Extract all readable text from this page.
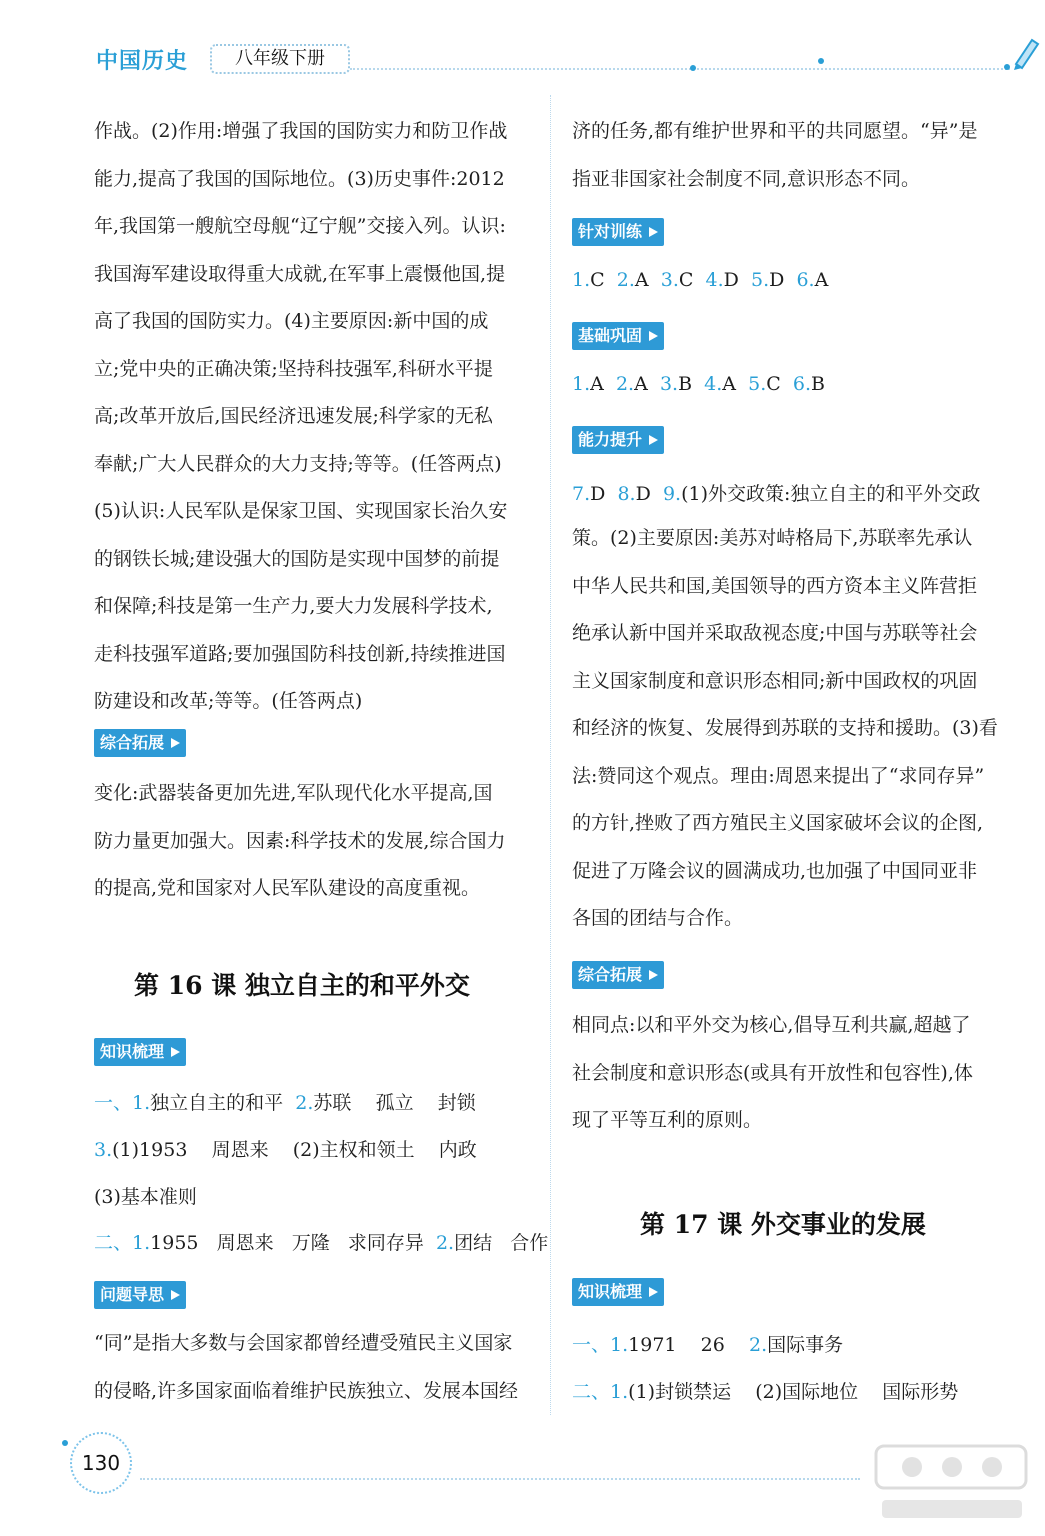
中国历史	八年级下册

作战。(2)作用:增强了我国的国防实力和防卫作战

能力,提高了我国的国际地位。(3)历史事件:2012

年,我国第一艘航空母舰“辽宁舰”交接入列。认识:

我国海军建设取得重大成就,在军事上震慑他国,提

高了我国的国防实力。(4)主要原因:新中国的成

立;党中央的正确决策;坚持科技强军,科研水平提

高;改革开放后,国民经济迅速发展;科学家的无私

奉献;广大人民群众的大力支持;等等。(任答两点)

(5)认识:人民军队是保家卫国、实现国家长治久安

的钢铁长城;建设强大的国防是实现中国梦的前提

和保障;科技是第一生产力,要大力发展科学技术,

走科技强军道路;要加强国防科技创新,持续推进国

防建设和改革;等等。(任答两点)

综合拓展

变化:武器装备更加先进,军队现代化水平提高,国

防力量更加强大。因素:科学技术的发展,综合国力

的提高,党和国家对人民军队建设的高度重视。

第 16 课 独立自主的和平外交
知识梳理
一、1.独立自主的和平 2.苏联    孤立    封锁
3.(1)1953    周恩来    (2)主权和领土    内政
(3)基本准则
二、1.1955   周恩来   万隆   求同存异  2.团结   合作
问题导思

“同”是指大多数与会国家都曾经遭受殖民主义国家

的侵略,许多国家面临着维护民族独立、发展本国经

济的任务,都有维护世界和平的共同愿望。“异”是

指亚非国家社会制度不同,意识形态不同。

针对训练
1.C 2.A 3.C 4.D 5.D 6.A
基础巩固
1.A 2.A 3.B 4.A 5.C 6.B
能力提升
7.D 8.D 9.(1)外交政策:独立自主的和平外交政

策。(2)主要原因:美苏对峙格局下,苏联率先承认

中华人民共和国,美国领导的西方资本主义阵营拒

绝承认新中国并采取敌视态度;中国与苏联等社会

主义国家制度和意识形态相同;新中国政权的巩固

和经济的恢复、发展得到苏联的支持和援助。(3)看

法:赞同这个观点。理由:周恩来提出了“求同存异”

的方针,挫败了西方殖民主义国家破坏会议的企图,

促进了万隆会议的圆满成功,也加强了中国同亚非

各国的团结与合作。

综合拓展

相同点:以和平外交为核心,倡导互利共赢,超越了

社会制度和意识形态(或具有开放性和包容性),体

现了平等互利的原则。

第 17 课 外交事业的发展
知识梳理
一、1.1971    26    2.国际事务
二、1.(1)封锁禁运    (2)国际地位    国际形势
130
